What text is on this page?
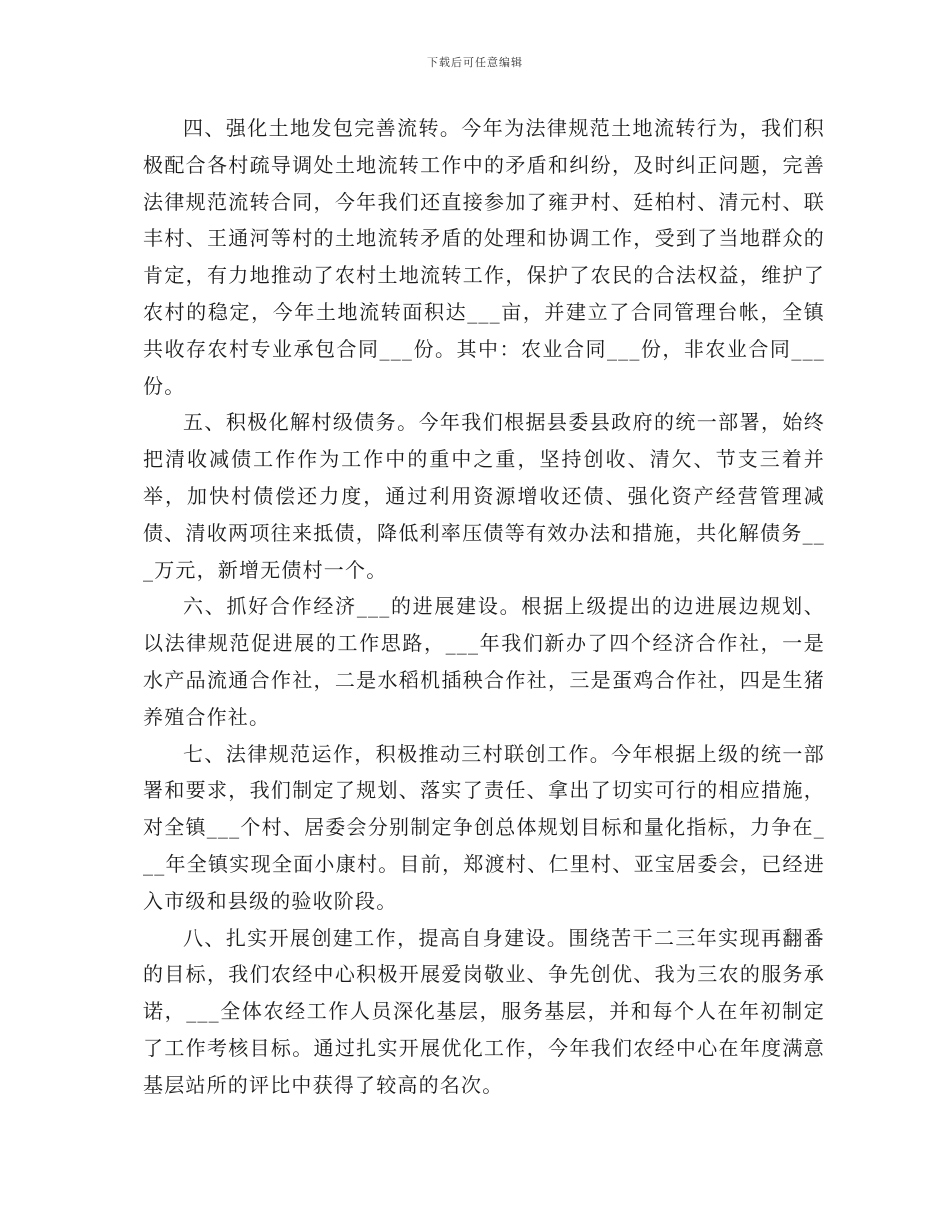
下载后可任意编辑

四、强化土地发包完善流转。今年为法律规范土地流转行为，我们积极配合各村疏导调处土地流转工作中的矛盾和纠纷，及时纠正问题，完善法律规范流转合同，今年我们还直接参加了雍尹村、廷柏村、清元村、联丰村、王通河等村的土地流转矛盾的处理和协调工作，受到了当地群众的肯定，有力地推动了农村土地流转工作，保护了农民的合法权益，维护了农村的稳定，今年土地流转面积达___亩，并建立了合同管理台帐，全镇共收存农村专业承包合同___份。其中：农业合同___份，非农业合同___份。

五、积极化解村级债务。今年我们根据县委县政府的统一部署，始终把清收减债工作作为工作中的重中之重，坚持创收、清欠、节支三着并举，加快村债偿还力度，通过利用资源增收还债、强化资产经营管理减债、清收两项往来抵债，降低利率压债等有效办法和措施，共化解债务___万元，新增无债村一个。

六、抓好合作经济___的进展建设。根据上级提出的边进展边规划、以法律规范促进展的工作思路，___年我们新办了四个经济合作社，一是水产品流通合作社，二是水稻机插秧合作社，三是蛋鸡合作社，四是生猪养殖合作社。

七、法律规范运作，积极推动三村联创工作。今年根据上级的统一部署和要求，我们制定了规划、落实了责任、拿出了切实可行的相应措施，对全镇___个村、居委会分别制定争创总体规划目标和量化指标，力争在___年全镇实现全面小康村。目前，郑渡村、仁里村、亚宝居委会，已经进入市级和县级的验收阶段。

八、扎实开展创建工作，提高自身建设。围绕苦干二三年实现再翻番的目标，我们农经中心积极开展爱岗敬业、争先创优、我为三农的服务承诺，___全体农经工作人员深化基层，服务基层，并和每个人在年初制定了工作考核目标。通过扎实开展优化工作，今年我们农经中心在年度满意基层站所的评比中获得了较高的名次。
